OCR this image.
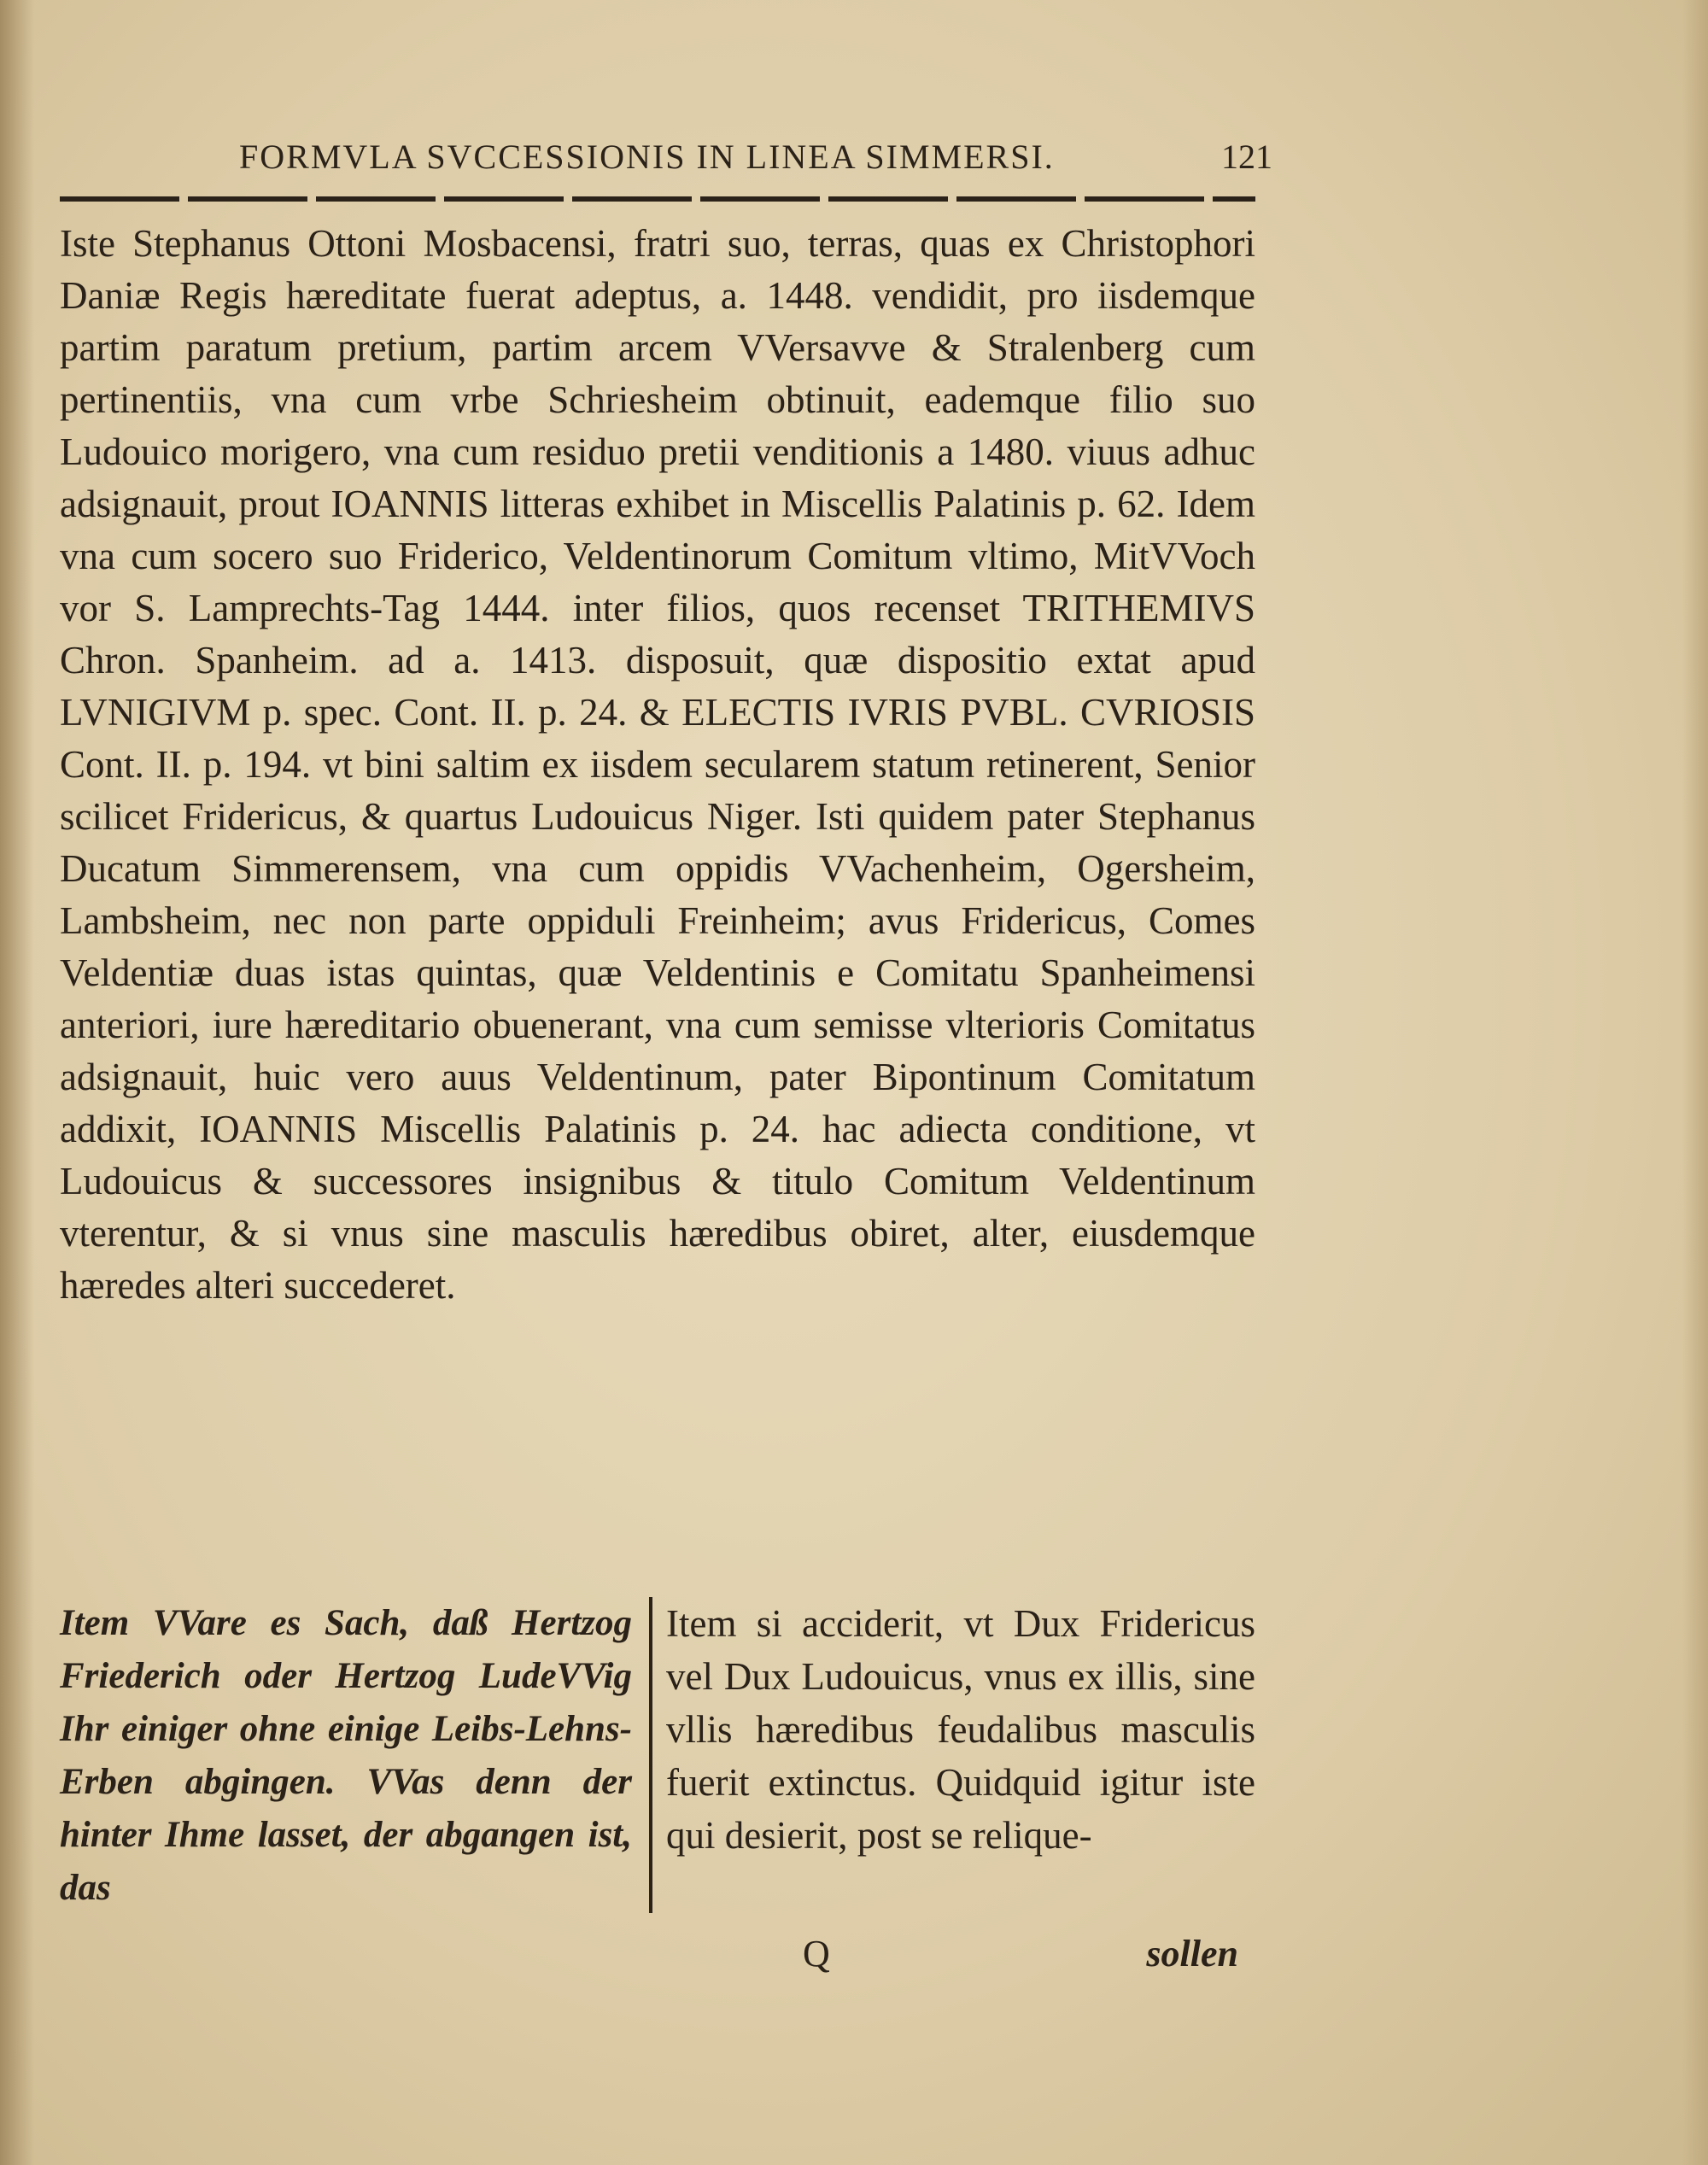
FORMVLA SVCCESSIONIS IN LINEA SIMMERSI.	121
Iste Stephanus Ottoni Mosbacensi, fratri suo, terras, quas ex Christophori Daniæ Regis hæreditate fuerat adeptus, a. 1448. vendidit, pro iisdemque partim paratum pretium, partim arcem VVersavve & Stralenberg cum pertinentiis, vna cum vrbe Schriesheim obtinuit, eademque filio suo Ludouico morigero, vna cum residuo pretii venditionis a 1480. viuus adhuc adsignauit, prout IOANNIS litteras exhibet in Miscellis Palatinis p. 62. Idem vna cum socero suo Friderico, Veldentinorum Comitum vltimo, MitVVoch vor S. Lamprechts-Tag 1444. inter filios, quos recenset TRITHEMIVS Chron. Spanheim. ad a. 1413. disposuit, quæ dispositio extat apud LVNIGIVM p. spec. Cont. II. p. 24. & ELECTIS IVRIS PVBL. CVRIOSIS Cont. II. p. 194. vt bini saltim ex iisdem secularem statum retinerent, Senior scilicet Fridericus, & quartus Ludouicus Niger. Isti quidem pater Stephanus Ducatum Simmerensem, vna cum oppidis VVachenheim, Ogersheim, Lambsheim, nec non parte oppiduli Freinheim; avus Fridericus, Comes Veldentiæ duas istas quintas, quæ Veldentinis e Comitatu Spanheimensi anteriori, iure hæreditario obuenerant, vna cum semisse vlterioris Comitatus adsignauit, huic vero auus Veldentinum, pater Bipontinum Comitatum addixit, IOANNIS Miscellis Palatinis p. 24. hac adiecta conditione, vt Ludouicus & successores insignibus & titulo Comitum Veldentinum vterentur, & si vnus sine masculis hæredibus obiret, alter, eiusdemque hæredes alteri succederet.
Item VVare es Sach, daß Hertzog Friederich oder Hertzog LudeVVig Ihr einiger ohne einige Leibs-Lehns-Erben abgingen. VVas denn der hinter Ihme lasset, der abgangen ist, das
Item si acciderit, vt Dux Fridericus vel Dux Ludouicus, vnus ex illis, sine vllis hæredibus feudalibus masculis fuerit extinctus. Quidquid igitur iste qui desierit, post se relique-
Q	sollen
